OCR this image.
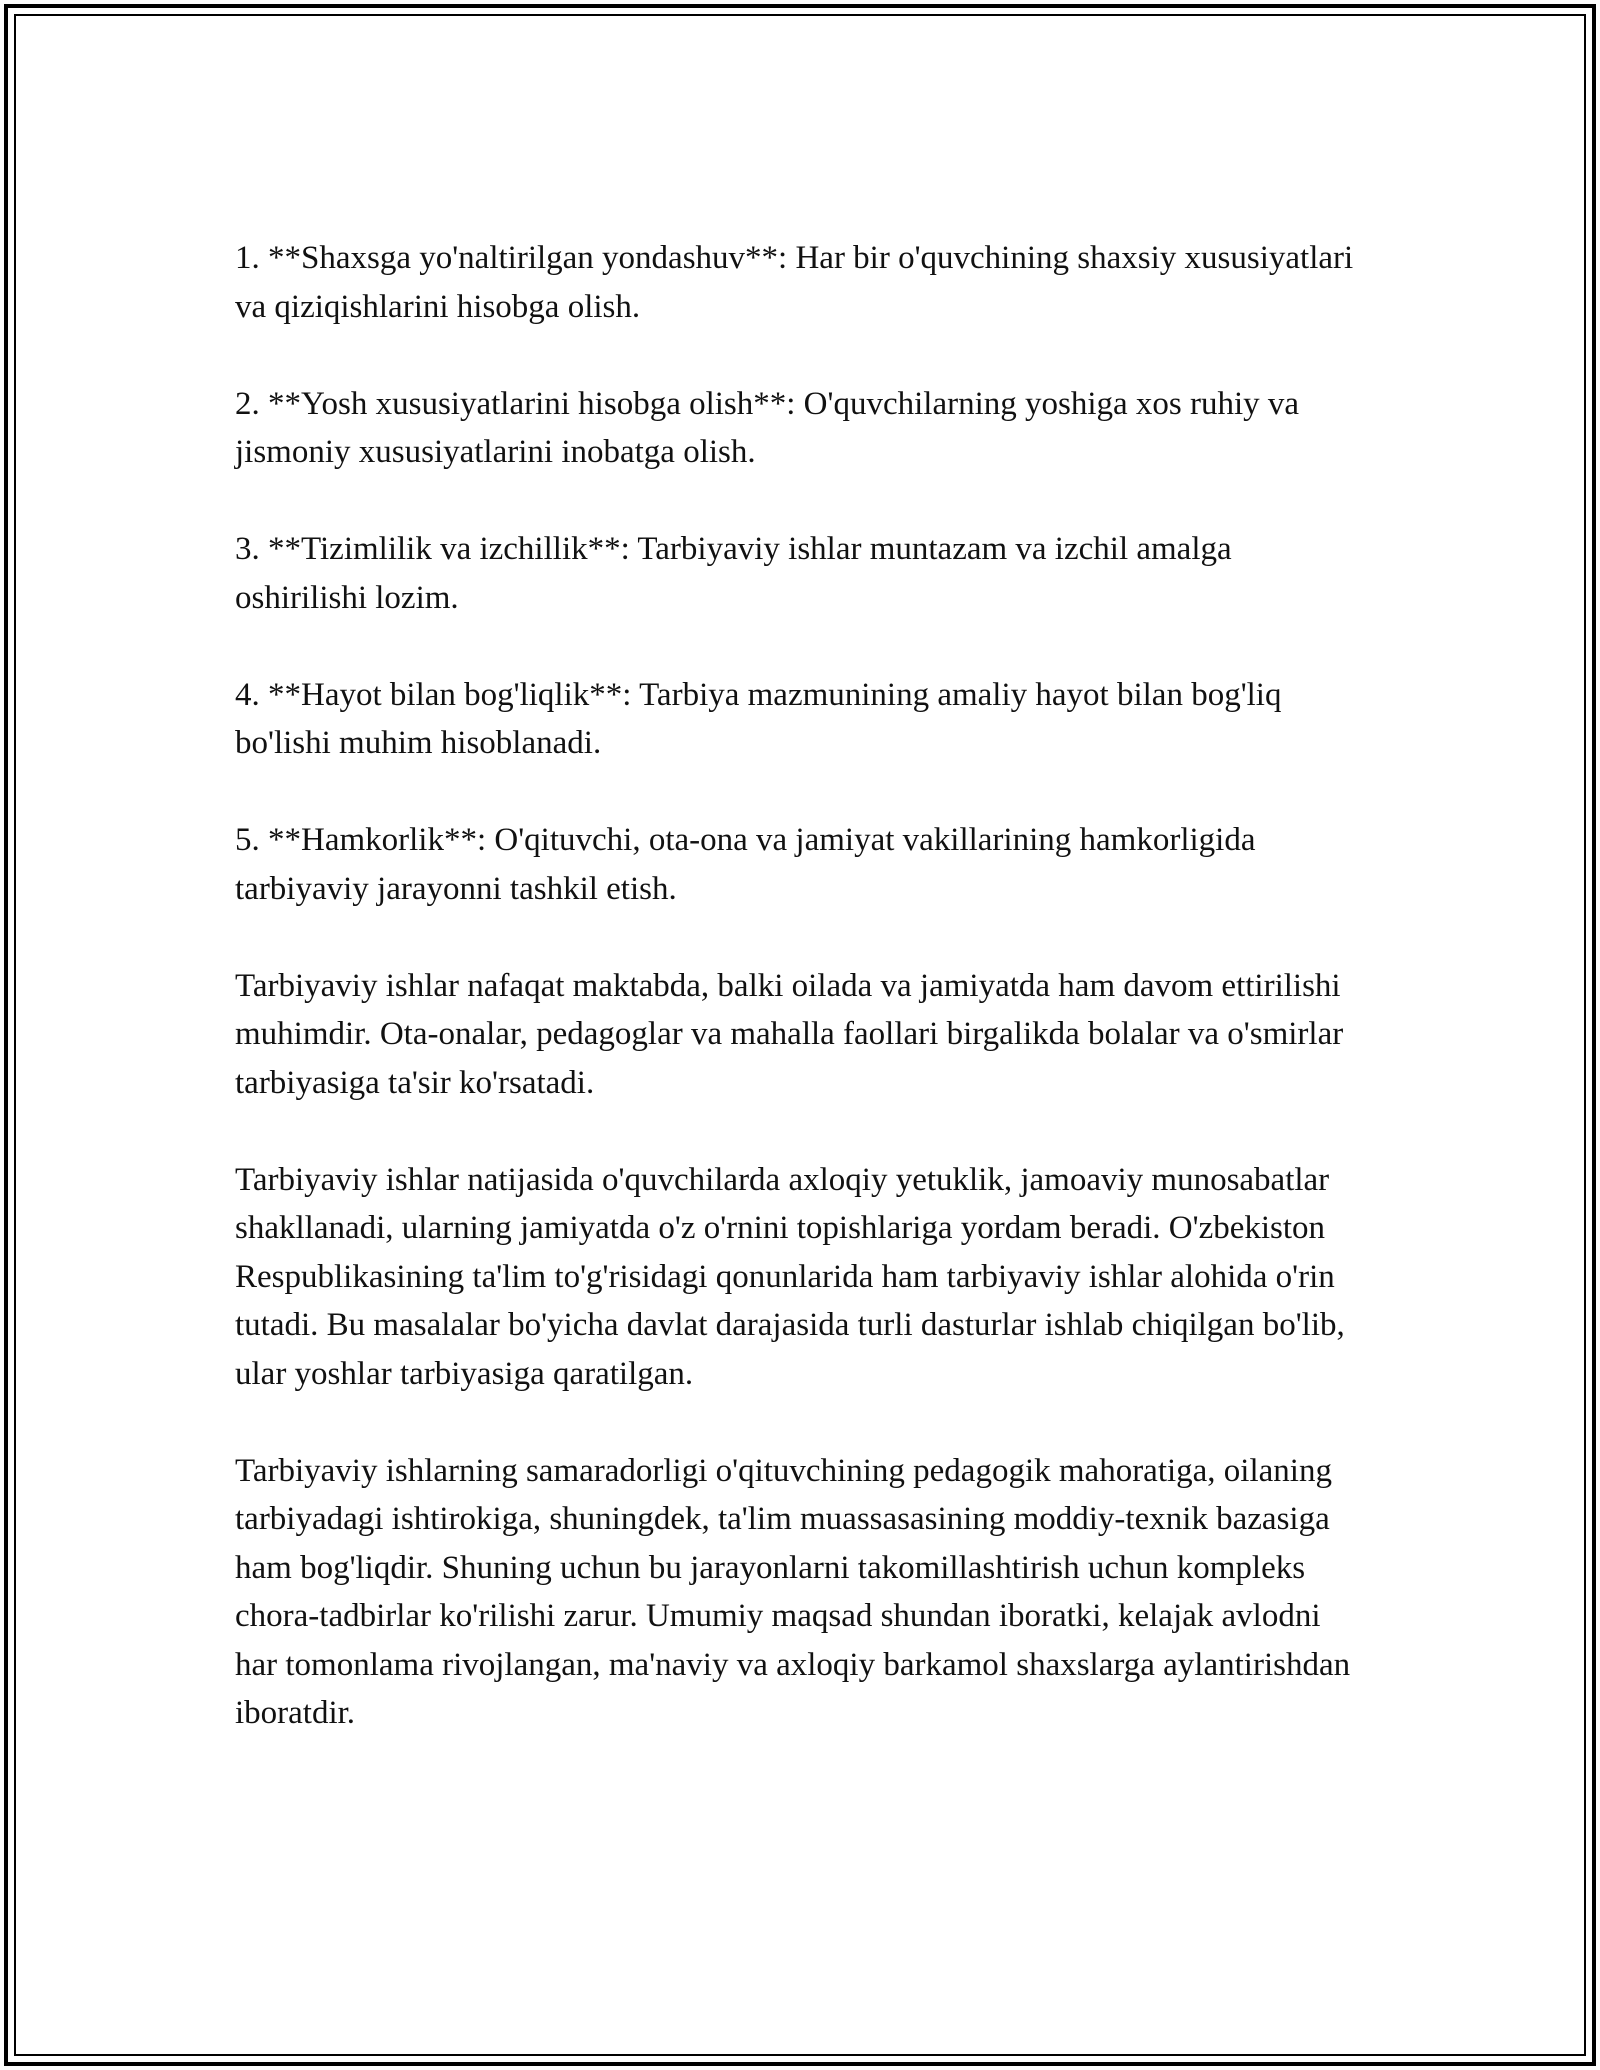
1. **Shaxsga yo'naltirilgan yondashuv**: Har bir o'quvchining shaxsiy xususiyatlari va qiziqishlarini hisobga olish.

2. **Yosh xususiyatlarini hisobga olish**: O'quvchilarning yoshiga xos ruhiy va jismoniy xususiyatlarini inobatga olish.

3. **Tizimlilik va izchillik**: Tarbiyaviy ishlar muntazam va izchil amalga oshirilishi lozim.

4. **Hayot bilan bog'liqlik**: Tarbiya mazmunining amaliy hayot bilan bog'liq bo'lishi muhim hisoblanadi.

5. **Hamkorlik**: O'qituvchi, ota-ona va jamiyat vakillarining hamkorligida tarbiyaviy jarayonni tashkil etish.

Tarbiyaviy ishlar nafaqat maktabda, balki oilada va jamiyatda ham davom ettirilishi muhimdir. Ota-onalar, pedagoglar va mahalla faollari birgalikda bolalar va o'smirlar tarbiyasiga ta'sir ko'rsatadi.

Tarbiyaviy ishlar natijasida o'quvchilarda axloqiy yetuklik, jamoaviy munosabatlar shakllanadi, ularning jamiyatda o'z o'rnini topishlariga yordam beradi. O'zbekiston Respublikasining ta'lim to'g'risidagi qonunlarida ham tarbiyaviy ishlar alohida o'rin tutadi. Bu masalalar bo'yicha davlat darajasida turli dasturlar ishlab chiqilgan bo'lib, ular yoshlar tarbiyasiga qaratilgan.

Tarbiyaviy ishlarning samaradorligi o'qituvchining pedagogik mahoratiga, oilaning tarbiyadagi ishtirokiga, shuningdek, ta'lim muassasasining moddiy-texnik bazasiga ham bog'liqdir. Shuning uchun bu jarayonlarni takomillashtirish uchun kompleks chora-tadbirlar ko'rilishi zarur. Umumiy maqsad shundan iboratki, kelajak avlodni har tomonlama rivojlangan, ma'naviy va axloqiy barkamol shaxslarga aylantirishdan iboratdir.
